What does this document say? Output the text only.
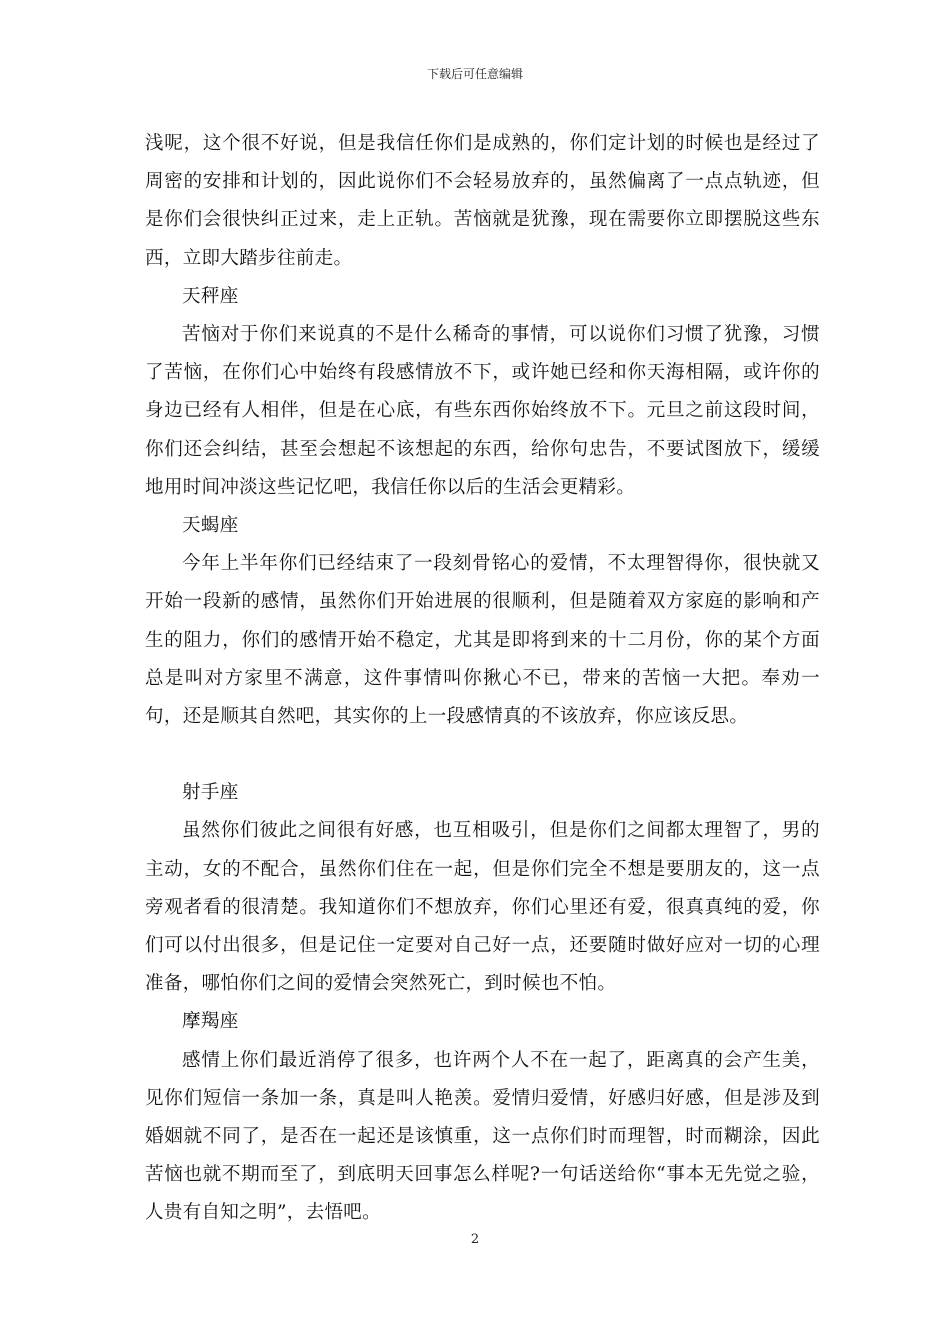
下载后可任意编辑

浅呢，这个很不好说，但是我信任你们是成熟的，你们定计划的时候也是经过了周密的安排和计划的，因此说你们不会轻易放弃的，虽然偏离了一点点轨迹，但是你们会很快纠正过来，走上正轨。苦恼就是犹豫，现在需要你立即摆脱这些东西，立即大踏步往前走。

天秤座

苦恼对于你们来说真的不是什么稀奇的事情，可以说你们习惯了犹豫，习惯了苦恼，在你们心中始终有段感情放不下，或许她已经和你天海相隔，或许你的身边已经有人相伴，但是在心底，有些东西你始终放不下。元旦之前这段时间，你们还会纠结，甚至会想起不该想起的东西，给你句忠告，不要试图放下，缓缓地用时间冲淡这些记忆吧，我信任你以后的生活会更精彩。

天蝎座

今年上半年你们已经结束了一段刻骨铭心的爱情，不太理智得你，很快就又开始一段新的感情，虽然你们开始进展的很顺利，但是随着双方家庭的影响和产生的阻力，你们的感情开始不稳定，尤其是即将到来的十二月份，你的某个方面总是叫对方家里不满意，这件事情叫你揪心不已，带来的苦恼一大把。奉劝一句，还是顺其自然吧，其实你的上一段感情真的不该放弃，你应该反思。

射手座

虽然你们彼此之间很有好感，也互相吸引，但是你们之间都太理智了，男的主动，女的不配合，虽然你们住在一起，但是你们完全不想是要朋友的，这一点旁观者看的很清楚。我知道你们不想放弃，你们心里还有爱，很真真纯的爱，你们可以付出很多，但是记住一定要对自己好一点，还要随时做好应对一切的心理准备，哪怕你们之间的爱情会突然死亡，到时候也不怕。

摩羯座

感情上你们最近消停了很多，也许两个人不在一起了，距离真的会产生美，见你们短信一条加一条，真是叫人艳羡。爱情归爱情，好感归好感，但是涉及到婚姻就不同了，是否在一起还是该慎重，这一点你们时而理智，时而糊涂，因此苦恼也就不期而至了，到底明天回事怎么样呢?一句话送给你“事本无先觉之验，人贵有自知之明”，去悟吧。

2
